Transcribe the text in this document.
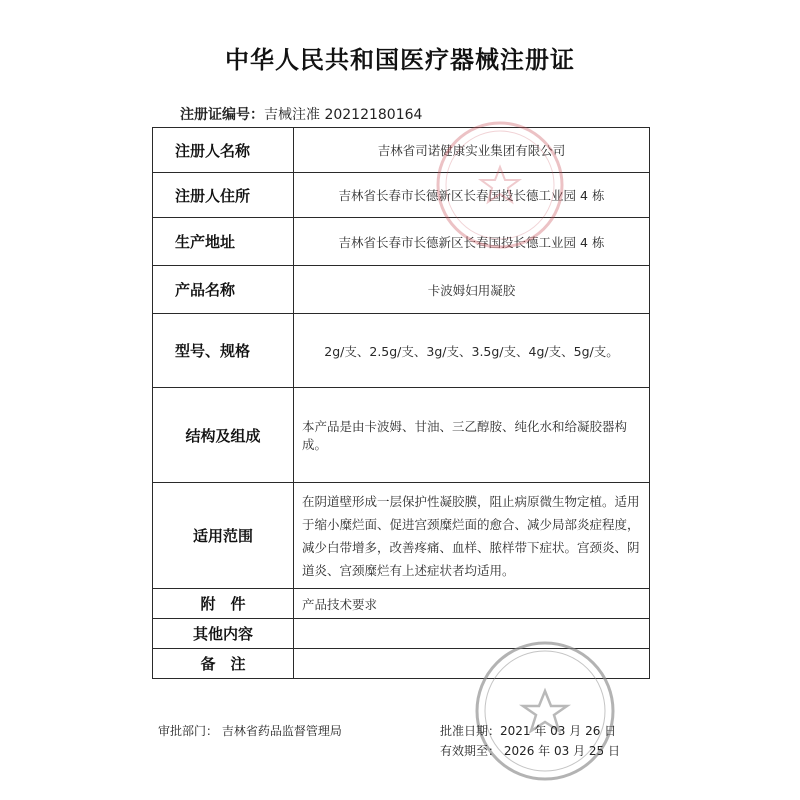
中华人民共和国医疗器械注册证
注册证编号：吉械注准 20212180164
注册人名称	吉林省司诺健康实业集团有限公司
注册人住所	吉林省长春市长德新区长春国投长德工业园 4 栋
生产地址	吉林省长春市长德新区长春国投长德工业园 4 栋
产品名称	卡波姆妇用凝胶
型号、规格	2g/支、2.5g/支、3g/支、3.5g/支、4g/支、5g/支。
结构及组成	本产品是由卡波姆、甘油、三乙醇胺、纯化水和给凝胶器构成。
适用范围	在阴道壁形成一层保护性凝胶膜，阻止病原微生物定植。适用于缩小糜烂面、促进宫颈糜烂面的愈合、减少局部炎症程度，减少白带增多，改善疼痛、血样、脓样带下症状。宫颈炎、阴道炎、宫颈糜烂有上述症状者均适用。
附　件	产品技术要求
其他内容	
备　注	
审批部门： 吉林省药品监督管理局	批准日期：2021 年 03 月 26 日
有效期至： 2026 年 03 月 25 日
